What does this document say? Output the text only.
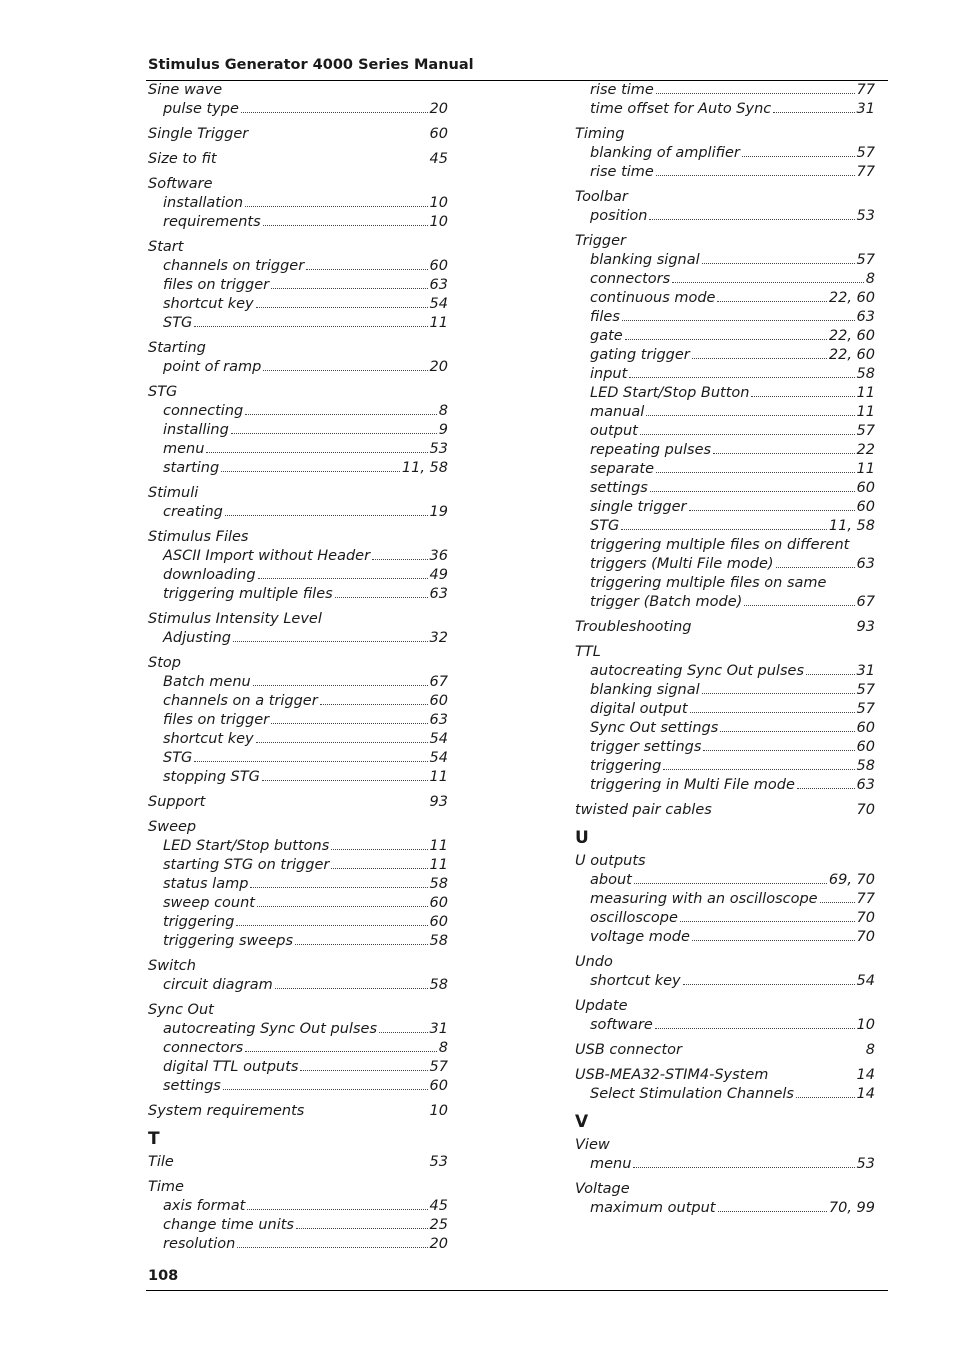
Stimulus Generator 4000 Series Manual
Sine wave
pulse type	20
Single Trigger	60
Size to fit	45
Software
installation	10
requirements	10
Start
channels on trigger	60
files on trigger	63
shortcut key	54
STG	11
Starting
point of ramp	20
STG
connecting	8
installing	9
menu	53
starting	11, 58
Stimuli
creating	19
Stimulus Files
ASCII Import without Header	36
downloading	49
triggering multiple files	63
Stimulus Intensity Level
Adjusting	32
Stop
Batch menu	67
channels on a trigger	60
files on trigger	63
shortcut key	54
STG	54
stopping STG	11
Support	93
Sweep
LED Start/Stop buttons	11
starting STG on trigger	11
status lamp	58
sweep count	60
triggering	60
triggering sweeps	58
Switch
circuit diagram	58
Sync Out
autocreating Sync Out pulses	31
connectors	8
digital TTL outputs	57
settings	60
System requirements	10
T
Tile	53
Time
axis format	45
change time units	25
resolution	20
rise time	77
time offset for Auto Sync	31
Timing
blanking of amplifier	57
rise time	77
Toolbar
position	53
Trigger
blanking signal	57
connectors	8
continuous mode	22, 60
files	63
gate	22, 60
gating trigger	22, 60
input	58
LED Start/Stop Button	11
manual	11
output	57
repeating pulses	22
separate	11
settings	60
single trigger	60
STG	11, 58
triggering multiple files on different
triggers (Multi File mode)	63
triggering multiple files on same
trigger (Batch mode)	67
Troubleshooting	93
TTL
autocreating Sync Out pulses	31
blanking signal	57
digital output	57
Sync Out settings	60
trigger settings	60
triggering	58
triggering in Multi File mode	63
twisted pair cables	70
U
U outputs
about	69, 70
measuring with an oscilloscope	77
oscilloscope	70
voltage mode	70
Undo
shortcut key	54
Update
software	10
USB connector	8
USB-MEA32-STIM4-System	14
Select Stimulation Channels	14
V
View
menu	53
Voltage
maximum output	70, 99
108
